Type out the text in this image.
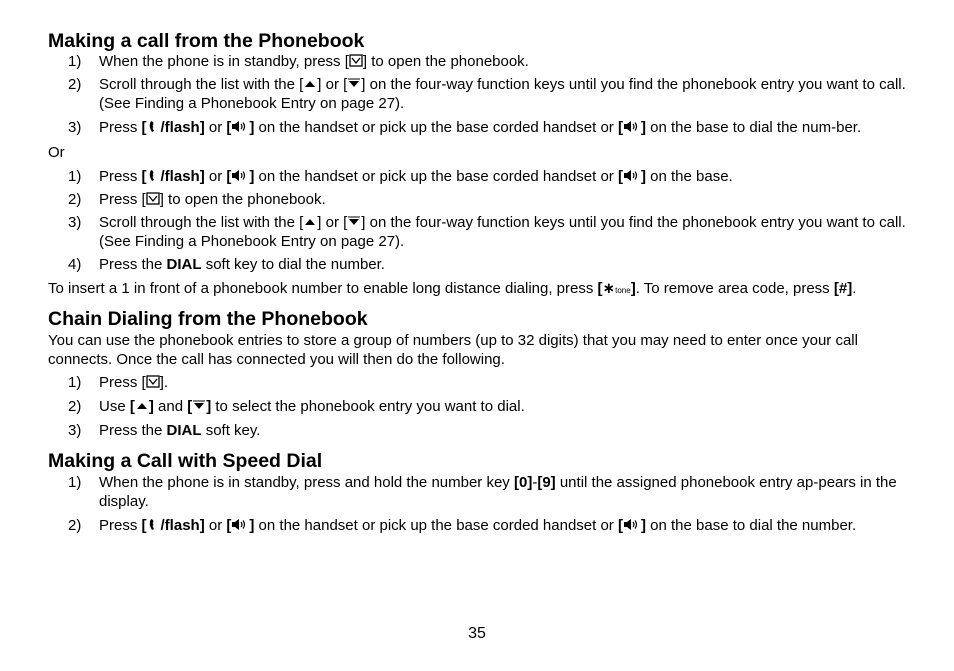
Making a call from the Phonebook
1) When the phone is in standby, press [ ] to open the phonebook.
2) Scroll through the list with the [ ] or [ ] on the four-way function keys until you find the phonebook entry you want to call. (See Finding a Phonebook Entry on page 27).
3) Press [ /flash] or [ ] on the handset or pick up the base corded handset or [ ] on the base to dial the num-ber.

Or

1) Press [ /flash] or [ ] on the handset or pick up the base corded handset or [ ] on the base.
2) Press [ ] to open the phonebook.
3) Scroll through the list with the [ ] or [ ] on the four-way function keys until you find the phonebook entry you want to call. (See Finding a Phonebook Entry on page 27).
4) Press the DIAL soft key to dial the number.

To insert a 1 in front of a phonebook number to enable long distance dialing, press [∗tone]. To remove area code, press [#].

Chain Dialing from the Phonebook

You can use the phonebook entries to store a group of numbers (up to 32 digits) that you may need to enter once your call connects. Once the call has connected you will then do the following.

1) Press [ ].
2) Use [ ] and [ ] to select the phonebook entry you want to dial.
3) Press the DIAL soft key.
Making a Call with Speed Dial
1) When the phone is in standby, press and hold the number key [0]-[9] until the assigned phonebook entry ap-pears in the display.
2) Press [ /flash] or [ ] on the handset or pick up the base corded handset or [ ] on the base to dial the number.
35
